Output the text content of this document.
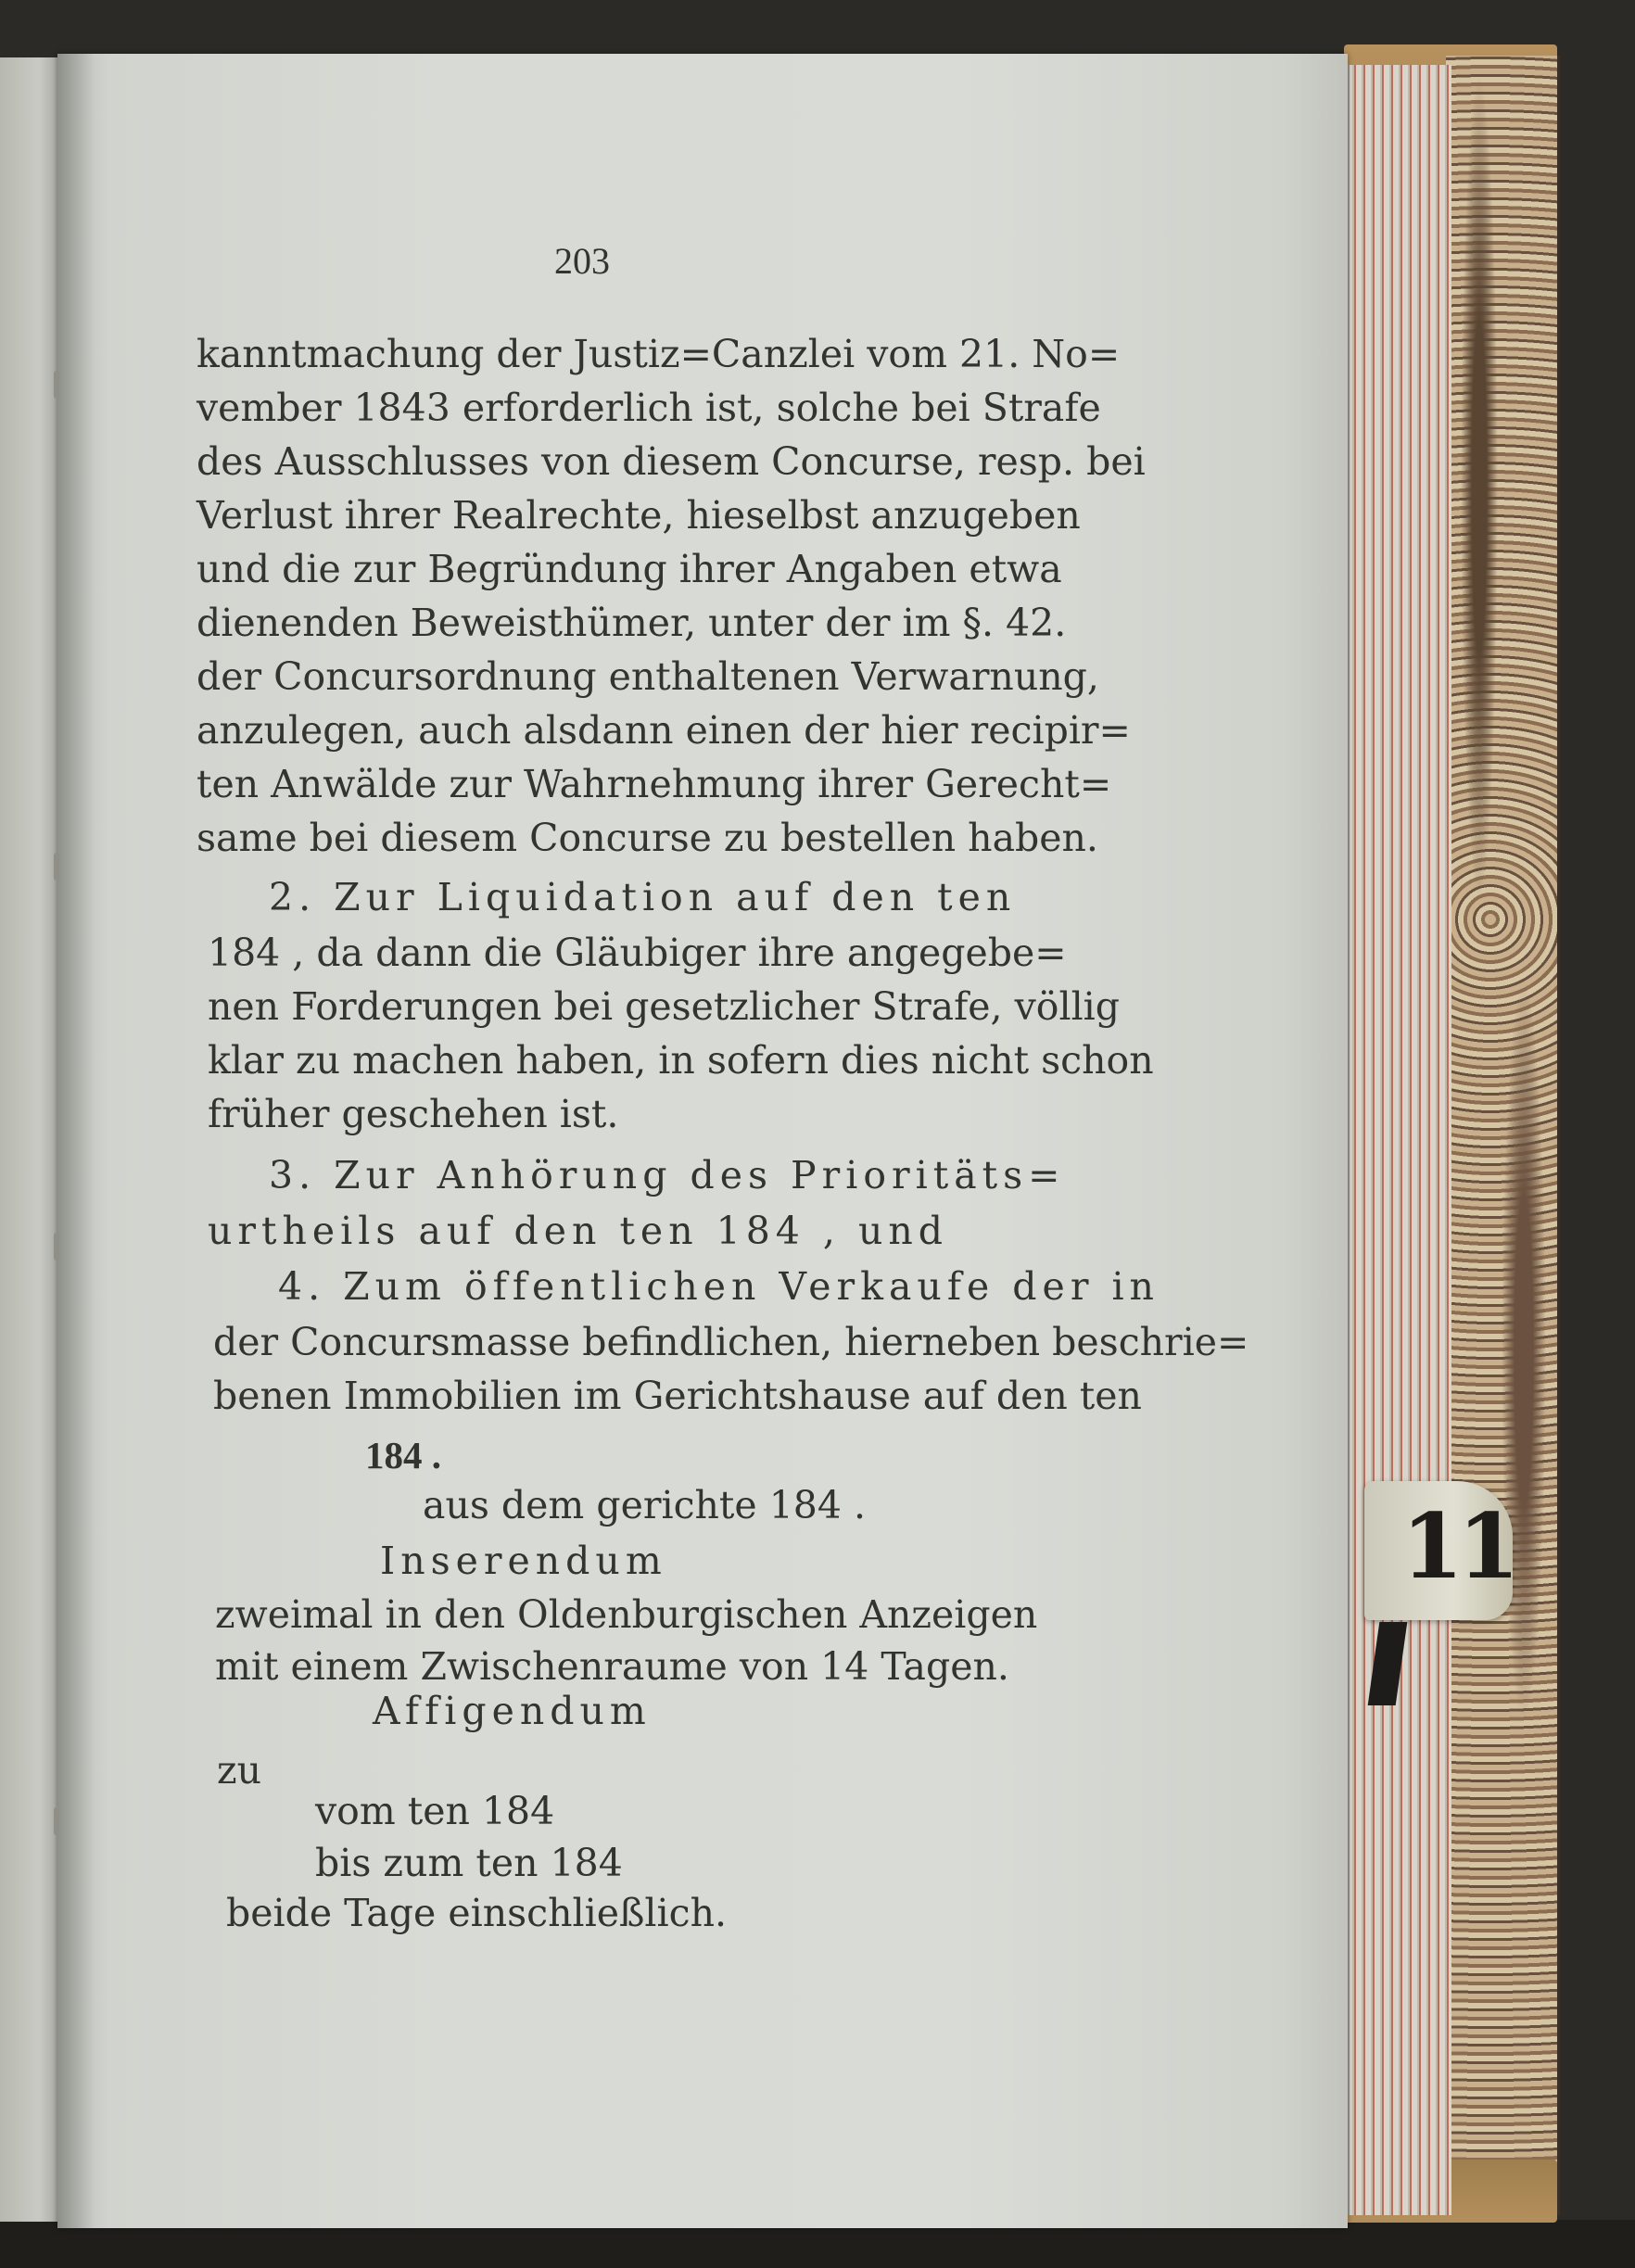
11
203
kanntmachung der Justiz=Canzlei vom 21. No=
vember 1843 erforderlich ist, solche bei Strafe
des Ausschlusses von diesem Concurse, resp. bei
Verlust ihrer Realrechte, hieselbst anzugeben
und die zur Begründung ihrer Angaben etwa
dienenden Beweisthümer, unter der im §. 42.
der Concursordnung enthaltenen Verwarnung,
anzulegen, auch alsdann einen der hier recipir=
ten Anwälde zur Wahrnehmung ihrer Gerecht=
same bei diesem Concurse zu bestellen haben.
2. Zur Liquidation auf den ten
184 , da dann die Gläubiger ihre angegebe=
nen Forderungen bei gesetzlicher Strafe, völlig
klar zu machen haben, in sofern dies nicht schon
früher geschehen ist.
3. Zur Anhörung des Prioritäts=
urtheils auf den ten 184 , und
4. Zum öffentlichen Verkaufe der in
der Concursmasse befindlichen, hierneben beschrie=
benen Immobilien im Gerichtshause auf den ten
184 .
aus dem gerichte 184 .
Inserendum
zweimal in den Oldenburgischen Anzeigen
mit einem Zwischenraume von 14 Tagen.
Affigendum
zu
vom ten 184
bis zum ten 184
beide Tage einschließlich.
